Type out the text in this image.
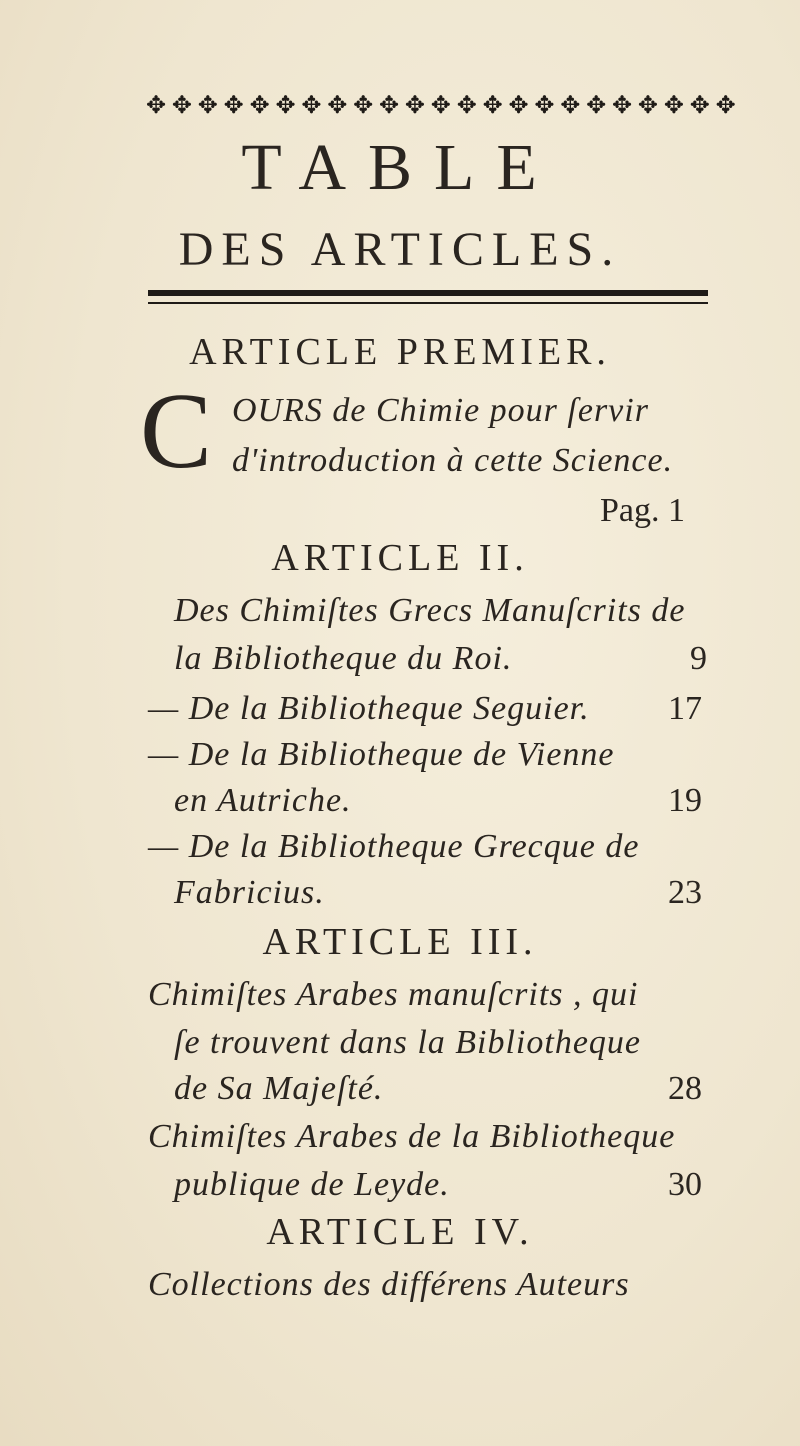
✥ ✥ ✥ ✥ ✥ ✥ ✥ ✥ ✥ ✥ ✥ ✥ ✥ ✥ ✥ ✥ ✥ ✥ ✥ ✥ ✥ ✥ ✥
TABLE
DES ARTICLES.
ARTICLE PREMIER.
C OURS de Chimie pour ſervir
d'introduction à cette Science.
Pag. 1
ARTICLE II.
Des Chimiſtes Grecs Manuſcrits de
la Bibliotheque du Roi.	9
— De la Bibliotheque Seguier. 17
— De la Bibliotheque de Vienne
en Autriche.	19
— De la Bibliotheque Grecque de
Fabricius.	23
ARTICLE III.
Chimiſtes Arabes manuſcrits , qui
ſe trouvent dans la Bibliotheque
de Sa Majeſté.	28
Chimiſtes Arabes de la Bibliotheque
publique de Leyde.	30
ARTICLE IV.
Collections des différens Auteurs
